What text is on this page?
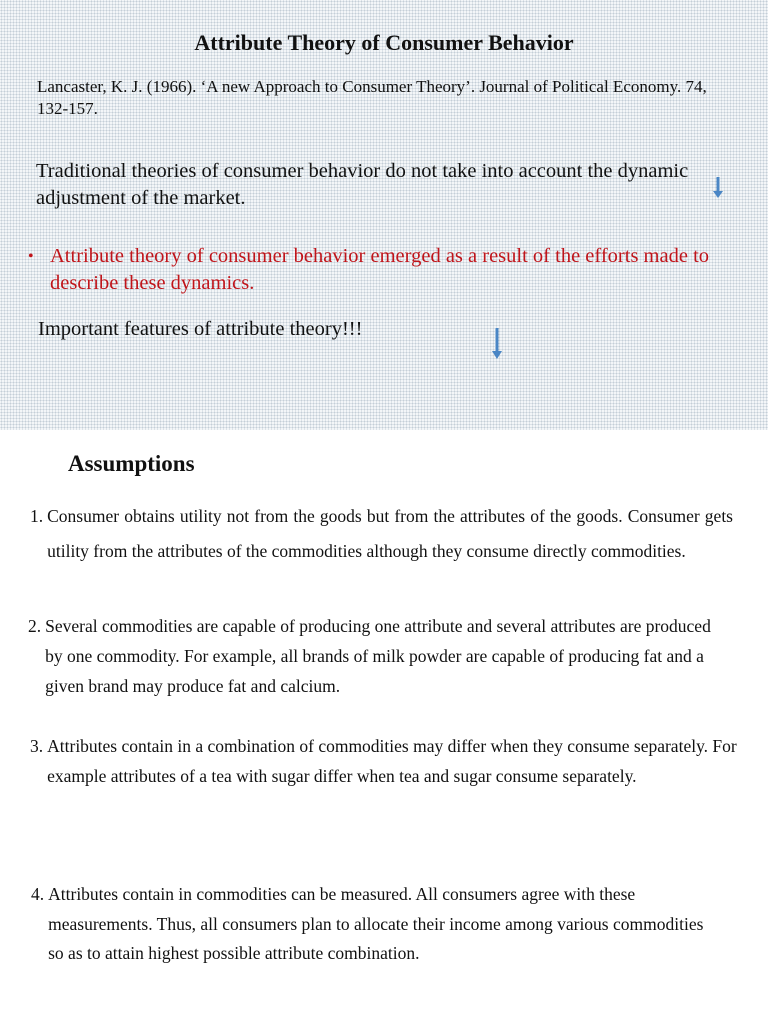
Attribute Theory of Consumer Behavior

Lancaster, K. J. (1966). ‘A new Approach to Consumer Theory’. Journal of Political Economy. 74, 132-157.

Traditional theories of consumer behavior do not take into account the dynamic adjustment of the market.

• Attribute theory of consumer behavior emerged as a result of the efforts made to describe these dynamics.

Important features of attribute theory!!!

Assumptions
1. Consumer obtains utility not from the goods but from the attributes of the goods. Consumer gets utility from the attributes of the commodities although they consume directly commodities.
2. Several commodities are capable of producing one attribute and several attributes are produced by one commodity. For example, all brands of milk powder are capable of producing fat and a given brand may produce fat and calcium.
3. Attributes contain in a combination of commodities may differ when they consume separately. For example attributes of a tea with sugar differ when tea and sugar consume separately.
4. Attributes contain in commodities can be measured. All consumers agree with these measurements. Thus, all consumers plan to allocate their income among various commodities so as to attain highest possible attribute combination.
